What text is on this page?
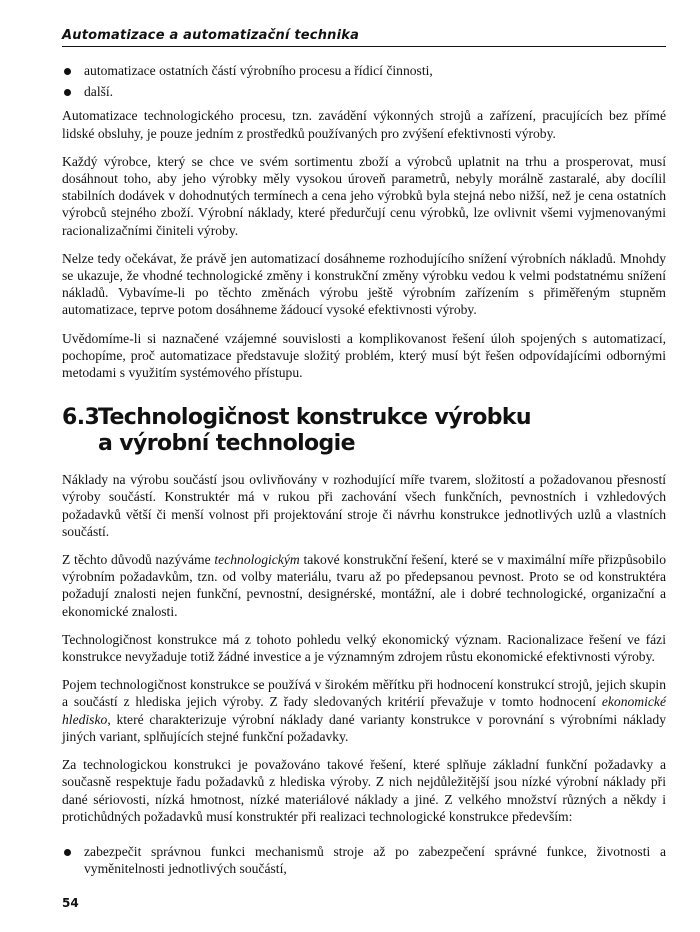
Automatizace a automatizační technika
automatizace ostatních částí výrobního procesu a řídicí činnosti,
další.

Automatizace technologického procesu, tzn. zavádění výkonných strojů a zařízení, pracujících bez přímé lidské obsluhy, je pouze jedním z prostředků používaných pro zvýšení efektivnosti výroby.

Každý výrobce, který se chce ve svém sortimentu zboží a výrobců uplatnit na trhu a prosperovat, musí dosáhnout toho, aby jeho výrobky měly vysokou úroveň parametrů, nebyly morálně zastaralé, aby docílil stabilních dodávek v dohodnutých termínech a cena jeho výrobků byla stejná nebo nižší, než je cena ostatních výrobců stejného zboží. Výrobní náklady, které předurčují cenu výrobků, lze ovlivnit všemi vyjmenovanými racionalizačními činiteli výroby.

Nelze tedy očekávat, že právě jen automatizací dosáhneme rozhodujícího snížení výrobních nákladů. Mnohdy se ukazuje, že vhodné technologické změny i konstrukční změny výrobku vedou k velmi podstatnému snížení nákladů. Vybavíme-li po těchto změnách výrobu ještě výrobním zařízením s přiměřeným stupněm automatizace, teprve potom dosáhneme žádoucí vysoké efektivnosti výroby.

Uvědomíme-li si naznačené vzájemné souvislosti a komplikovanost řešení úloh spojených s automatizací, pochopíme, proč automatizace představuje složitý problém, který musí být řešen odpovídajícími odbornými metodami s využitím systémového přístupu.

6.3Technologičnost konstrukce výrobku
a výrobní technologie

Náklady na výrobu součástí jsou ovlivňovány v rozhodující míře tvarem, složitostí a požadovanou přesností výroby součástí. Konstruktér má v rukou při zachování všech funkčních, pevnostních i vzhledových požadavků větší či menší volnost při projektování stroje či návrhu konstrukce jednotlivých uzlů a vlastních součástí.

Z těchto důvodů nazýváme technologickým takové konstrukční řešení, které se v maximální míře přizpůsobilo výrobním požadavkům, tzn. od volby materiálu, tvaru až po předepsanou pevnost. Proto se od konstruktéra požadují znalosti nejen funkční, pevnostní, designérské, montážní, ale i dobré technologické, organizační a ekonomické znalosti.

Technologičnost konstrukce má z tohoto pohledu velký ekonomický význam. Racionalizace řešení ve fázi konstrukce nevyžaduje totiž žádné investice a je významným zdrojem růstu ekonomické efektivnosti výroby.

Pojem technologičnost konstrukce se používá v širokém měřítku při hodnocení konstrukcí strojů, jejich skupin a součástí z hlediska jejich výroby. Z řady sledovaných kritérií převažuje v tomto hodnocení ekonomické hledisko, které charakterizuje výrobní náklady dané varianty konstrukce v porovnání s výrobními náklady jiných variant, splňujících stejné funkční požadavky.

Za technologickou konstrukci je považováno takové řešení, které splňuje základní funkční požadavky a současně respektuje řadu požadavků z hlediska výroby. Z nich nejdůležitější jsou nízké výrobní náklady při dané sériovosti, nízká hmotnost, nízké materiálové náklady a jiné. Z velkého množství různých a někdy i protichůdných požadavků musí konstruktér při realizaci technologické konstrukce především:

zabezpečit správnou funkci mechanismů stroje až po zabezpečení správné funkce, životnosti a vyměnitelnosti jednotlivých součástí,
54
